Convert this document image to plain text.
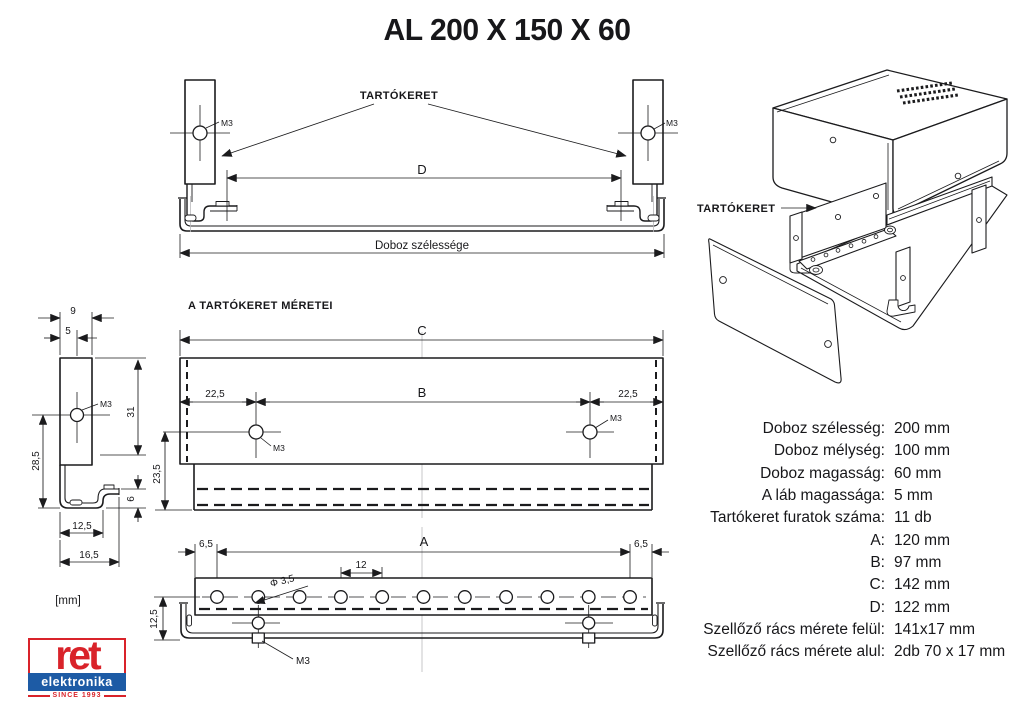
AL 200 X 150 X 60
M3	M3
TARTÓKERET
D
Doboz szélessége
9
5
M3
31
28,5
6
12,5
16,5
A TARTÓKERET MÉRETEI
C
22,5	B	22,5
M3
M3
23,5
6,5	A	6,5
12
Φ 3,5
M3
12,5
TARTÓKERET
Doboz szélesség: 200 mm
Doboz mélység: 100 mm
Doboz magasság: 60 mm
A láb magassága: 5 mm
Tartókeret furatok száma: 11 db
A: 120 mm
B: 97 mm
C: 142 mm
D: 122 mm
Szellőző rács mérete felül: 141x17 mm
Szellőző rács mérete alul: 2db 70 x 17 mm
[mm]
ret
elektronika
SINCE 1993
